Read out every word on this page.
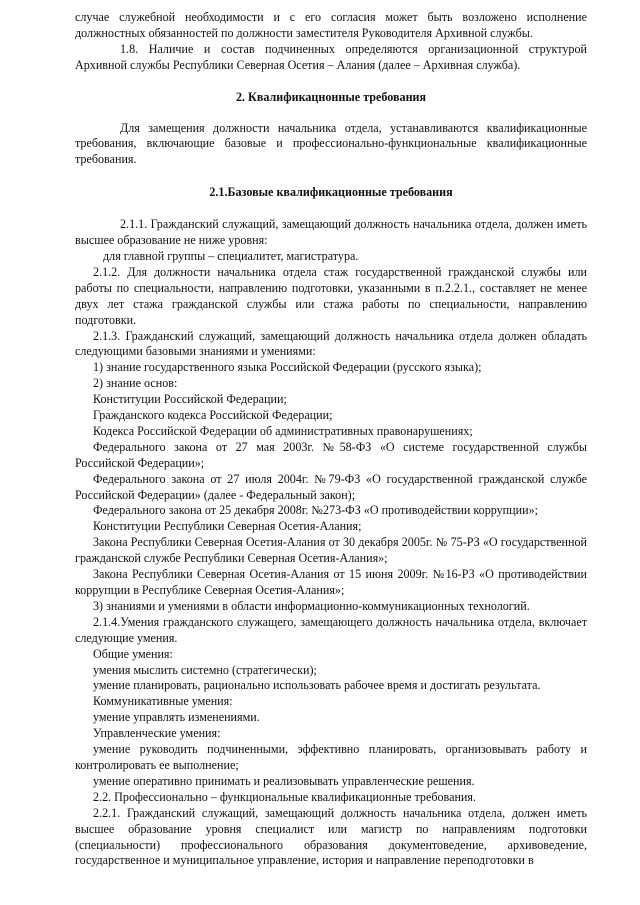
случае служебной необходимости и с его согласия может быть возложено исполнение должностных обязанностей по должности заместителя Руководителя Архивной службы.

1.8. Наличие и состав подчиненных определяются организационной структурой Архивной службы Республики Северная Осетия – Алания (далее – Архивная служба).

2. Квалификацнонные требования

Для замещения должности начальника отдела, устанавливаются квалификационные требования, включающие базовые и профессионально-функциональные квалификационные требования.

2.1.Базовые квалификационные требования

2.1.1. Гражданский служащий, замещающий должность начальника отдела, должен иметь высшее образование не ниже уровня:

для главной группы – специалитет, магистратура.

2.1.2. Для должности начальника отдела стаж государственной гражданской службы или работы по специальности, направлению подготовки, указанными в п.2.2.1., составляет не менее двух лет стажа гражданской службы или стажа работы по специальности, направлению подготовки.

2.1.3. Гражданский служащий, замещающий должность начальника отдела должен обладать следующими базовыми знаниями и умениями:

1) знание государственного языка Российской Федерации (русского языка);

2) знание основ:

Конституции Российской Федерации;

Гражданского кодекса Российской Федерации;

Кодекса Российской Федерации об административных правонарушениях;

Федерального закона от 27 мая 2003г. №58-ФЗ «О системе государственной службы Российской Федерации»;

Федерального закона от 27 июля 2004г. №79-ФЗ «О государственной гражданской службе Российской Федерации» (далее - Федеральный закон);

Федерального закона от 25 декабря 2008г. №273-ФЗ «О противодействии коррупции»;

Конституции Республики Северная Осетия-Алания;

Закона Республики Северная Осетия-Алания от 30 декабря 2005г. № 75-РЗ «О государственной гражданской службе Республики Северная Осетия-Алания»;

Закона Республики Северная Осетия-Алания от 15 июня 2009г. №16-РЗ «О противодействии коррупции в Республике Северная Осетия-Алания»;

3) знаниями и умениями в области информационно-коммуникационных технологий.

2.1.4.Умения гражданского служащего, замещающего должность начальника отдела, включает следующие умения.

Общие умения:

умения мыслить системно (стратегически);

умение планировать, рационально использовать рабочее время и достигать результата.

Коммуникативные умения:

умение управлять изменениями.

Управленческие умения:

умение руководить подчиненными, эффективно планировать, организовывать работу и контролировать ее выполнение;

умение оперативно принимать и реализовывать управленческие решения.

2.2. Профессионально – функциональные квалификационные требования.

2.2.1. Гражданский служащий, замещающий должность начальника отдела, должен иметь высшее образование уровня специалист или магистр по направлениям подготовки (специальности) профессионального образования документоведение, архивоведение, государственное и муниципальное управление, история и направление переподготовки в
